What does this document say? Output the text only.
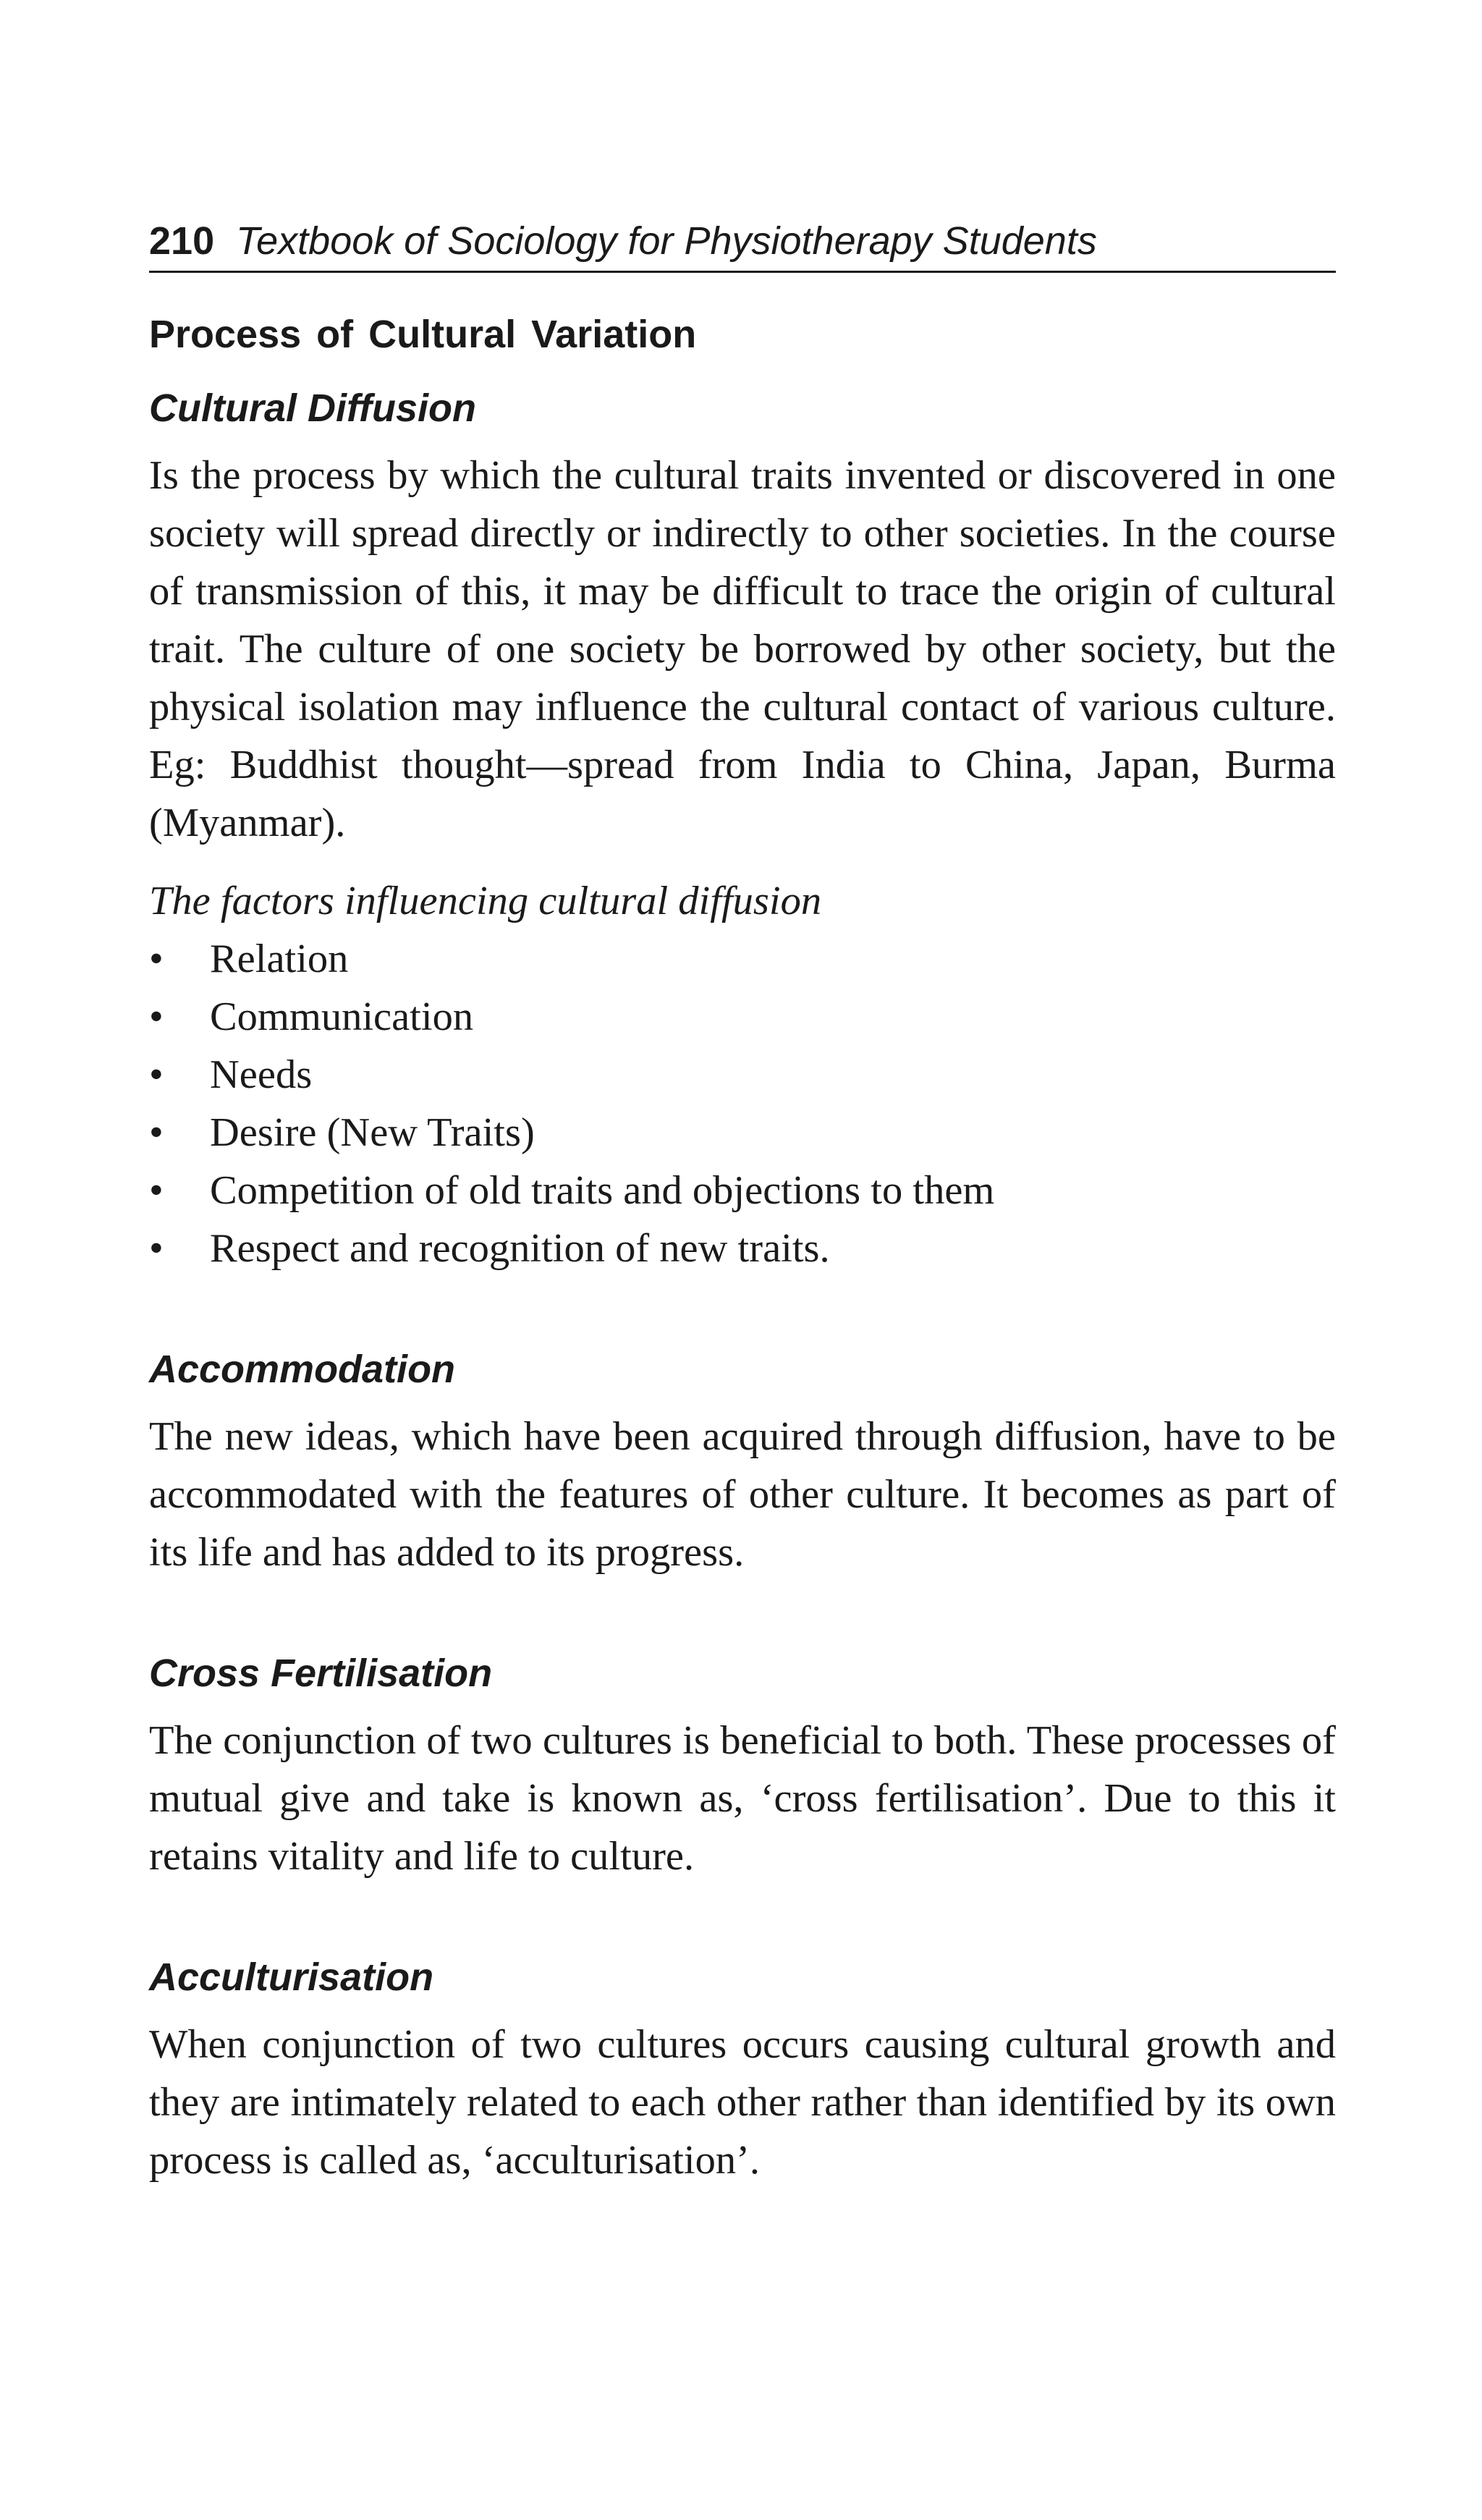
210 Textbook of Sociology for Physiotherapy Students
Process of Cultural Variation
Cultural Diffusion

Is the process by which the cultural traits invented or discovered in one society will spread directly or indirectly to other societies. In the course of transmission of this, it may be difficult to trace the origin of cultural trait. The culture of one society be borrowed by other society, but the physical isolation may influence the cultural contact of various culture. Eg: Buddhist thought—spread from India to China, Japan, Burma (Myanmar).

The factors influencing cultural diffusion

•	Relation
•	Communication
•	Needs
•	Desire (New Traits)
•	Competition of old traits and objections to them
•	Respect and recognition of new traits.
Accommodation

The new ideas, which have been acquired through diffusion, have to be accommodated with the features of other culture. It becomes as part of its life and has added to its progress.

Cross Fertilisation

The conjunction of two cultures is beneficial to both. These processes of mutual give and take is known as, ‘cross fertilisation’. Due to this it retains vitality and life to culture.

Acculturisation

When conjunction of two cultures occurs causing cultural growth and they are intimately related to each other rather than identified by its own process is called as, ‘acculturisation’.
